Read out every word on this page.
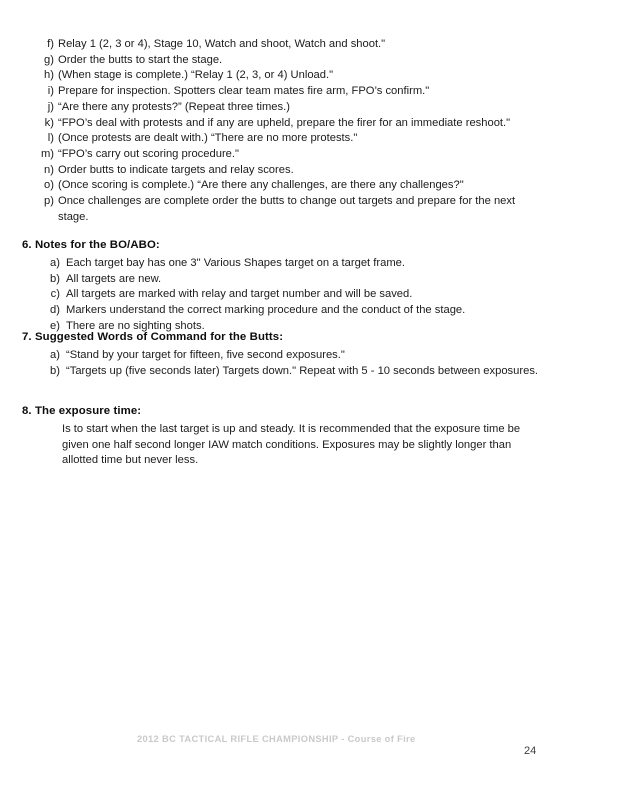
f) Relay 1 (2, 3 or 4), Stage 10, Watch and shoot, Watch and shoot."
g) Order the butts to start the stage.
h) (When stage is complete.) “Relay 1 (2, 3, or 4) Unload."
i) Prepare for inspection. Spotters clear team mates fire arm, FPO’s confirm."
j) “Are there any protests?” (Repeat three times.)
k) “FPO’s deal with protests and if any are upheld, prepare the firer for an immediate reshoot."
l) (Once protests are dealt with.) “There are no more protests."
m) “FPO’s carry out scoring procedure."
n) Order butts to indicate targets and relay scores.
o) (Once scoring is complete.) “Are there any challenges, are there any challenges?"
p) Once challenges are complete order the butts to change out targets and prepare for the next stage.
6. Notes for the BO/ABO:
a) Each target bay has one 3" Various Shapes target on a target frame.
b) All targets are new.
c) All targets are marked with relay and target number and will be saved.
d) Markers understand the correct marking procedure and the conduct of the stage.
e) There are no sighting shots.
7. Suggested Words of Command for the Butts:
a) “Stand by your target for fifteen, five second exposures."
b) “Targets up (five seconds later) Targets down." Repeat with 5 - 10 seconds between exposures.
8. The exposure time:
Is to start when the last target is up and steady. It is recommended that the exposure time be given one half second longer IAW match conditions. Exposures may be slightly longer than allotted time but never less.
2012 BC TACTICAL RIFLE CHAMPIONSHIP - Course of Fire
24
